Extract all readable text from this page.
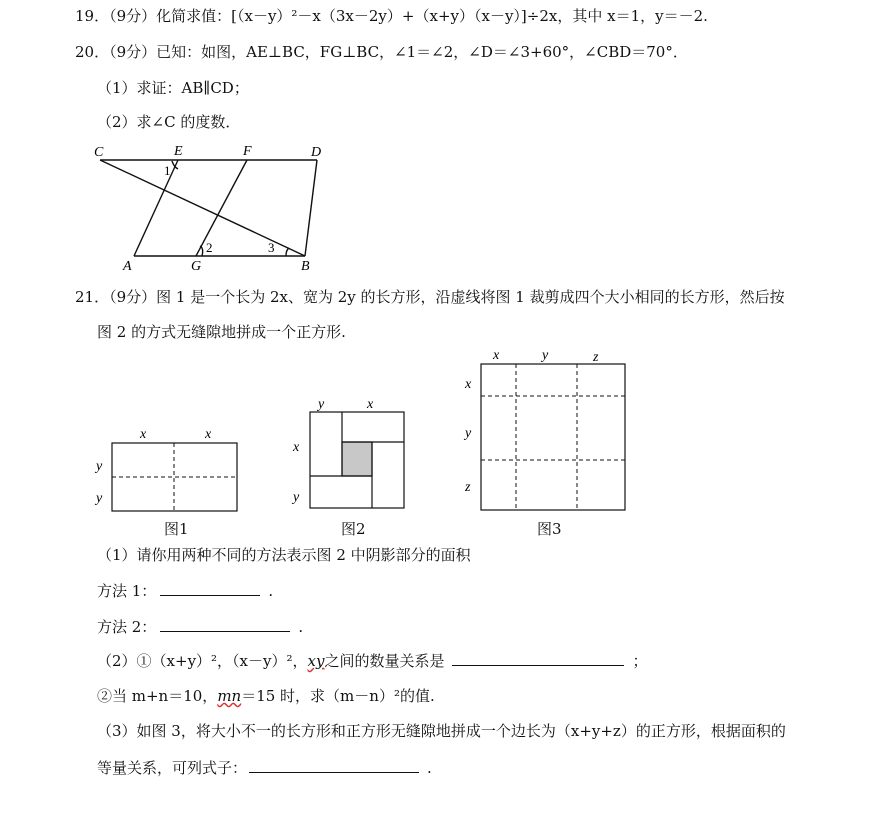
19．（9分）化简求值：[（x－y）²－x（3x－2y）+（x+y）（x－y）]÷2x，其中 x＝1，y＝－2.
20．（9分）已知：如图，AE⊥BC，FG⊥BC，∠1＝∠2，∠D＝∠3+60°，∠CBD＝70°．
（1）求证：AB∥CD；
（2）求∠C 的度数．
C	E	F	D
A	G	B
1
2	3
21．（9分）图 1 是一个长为 2x、宽为 2y 的长方形，沿虚线将图 1 裁剪成四个大小相同的长方形，然后按
图 2 的方式无缝隙地拼成一个正方形.
x	x
y
y
图1
y	x
x
y
图2
x	y	z
x
y
z
图3
（1）请你用两种不同的方法表示图 2 中阴影部分的面积
方法 1：	.
方法 2：	.
（2）①（x+y）²，（x－y）²，xy之间的数量关系是	；
②当 m+n＝10，mn＝15 时，求（m－n）²的值.
（3）如图 3，将大小不一的长方形和正方形无缝隙地拼成一个边长为（x+y+z）的正方形，根据面积的
等量关系，可列式子：	.
